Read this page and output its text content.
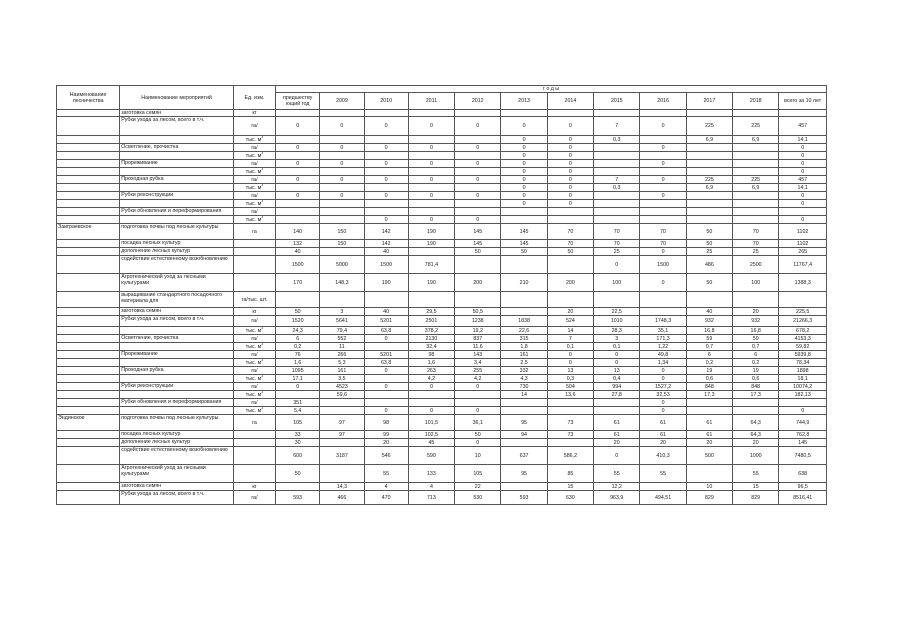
Наименование лесничества	Наименование мероприятий	Ед. изм.	г о д ы											
			предшеству ющий год	2009	2010	2011	2012	2013	2014	2015	2016	2017	2018	всего за 10 лет
	заготовка семян	кг												
	Рубки ухода за лесом, всего в т.ч.	га/	0	0	0	0	0	0	0	7	0	225	225	457
		тыс. $м^3$						0	0	0,3		6,9	6,9	14,1
	Осветление, прочистка	га/	0	0	0	0	0	0	0		0			0
		тыс. $м^3$						0	0					0
	Прореживание	га/	0	0	0	0	0	0	0		0			0
		тыс. $м^3$						0	0					0
	Проходная рубка	га/	0	0	0	0	0	0	0	7	0	225	225	457
		тыс. $м^3$						0	0	0,3		6,9	6,9	14,1
	Рубки реконструкции	га/	0	0	0	0	0	0	0		0			0
		тыс. $м^3$						0	0					0
	Рубки обновления и переформирования	га/												
		тыс. $м^3$			0	0	0							0
Заиграевское	подготовка почвы под лесные культуры	га	140	150	142	190	145	145	70	70	70	50	70	1102
	посадка лесных культур		132	150	142	190	145	145	70	70	70	50	70	1102
	дополнение лесных культур		40		40		50	50	50	25	0	25	25	265
	содействие естественному возобновлению		1500	5000	1500	781,4				0	1500	486	2500	11767,4
	Агротехнический уход за лесными культурами		170	148,3	190	190	200	210	200	100	0	50	100	1388,3
	выращивание стандартного посадочного материала для	га/тыс. шт.												
	заготовка семян	кг	50	3	40	29,5	50,5		20	22,5		40	20	225,5
	Рубки ухода за лесом, всего в т.ч.	га/	1520	5641	5201	2501	1238	1838	524	1010	1748,3	932	932	21266,3
		тыс. $м^3$	24,3	79,4	63,8	378,2	19,2	22,6	14	28,3	35,1	16,8	16,8	678,2
	Осветление, прочистка	га/	6	552	0	2130	837	315	7	3	171,3	59	59	4153,3
		тыс. $м^3$	0,2	11		32,4	11,6	1,8	0,1	0,1	1,22	0,7	0,7	59,82
	Прореживание	га/	76	266	5201	98	143	161	0	0	49,8	6	6	5939,8
		тыс. $м^3$	1,6	5,3	63,8	1,6	3,4	2,5	0	0	1,34	0,2	0,2	78,34
	Проходная рубка	га/	1095	161	0	263	255	332	13	13	0	19	19	1898
		тыс. $м^3$	17,1	3,5		4,2	4,2	4,3	0,3	0,4	0	0,6	0,6	18,1
	Рубки реконструкции	га/	0	4523	0	0	0	730	504	994	1527,2	848	848	10074,2
		тыс. $м^3$		59,6				14	13,6	27,8	32,53	17,3	17,3	182,13
	Рубки обновления и переформирования	га/	351								0			
		тыс. $м^3$	5,4		0	0	0				0			0
Эндинское	подготовка почвы под лесные культуры	га	105	97	98	101,5	36,1	95	73	61	61	61	64,3	744,9
	посадка лесных культур		33	97	99	102,5	50	94	73	61	61	61	64,3	762,8
	дополнение лесных культур		30		20	45	0			20	20	20	20	145
	содействие естественному возобновлению		600	3187	546	590	10	637	586,2	0	410,3	500	1000	7480,5
	Агротехнический уход за лесными культурами		50		55	133	105	95	85	55	55		55	638
	заготовка семян	кг		14,3	4	4	22		15	12,2		10	15	96,5
	Рубки ухода за лесом, всего в т.ч.	га/	593	466	470	713	530	593	630	963,9	494,51	829	829	8516,41
